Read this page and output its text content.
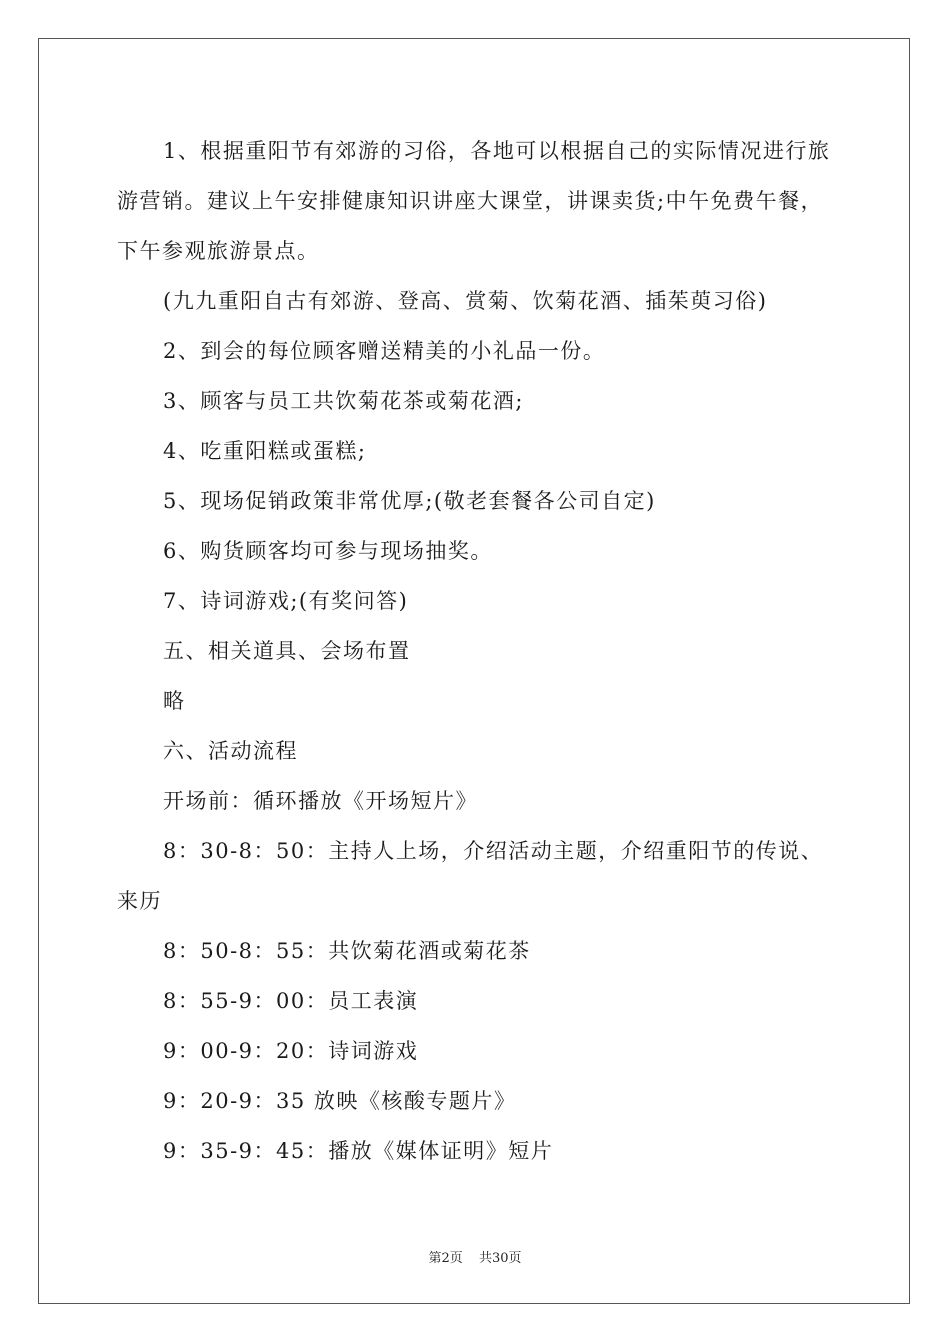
1、根据重阳节有郊游的习俗，各地可以根据自己的实际情况进行旅游营销。建议上午安排健康知识讲座大课堂，讲课卖货;中午免费午餐，下午参观旅游景点。

(九九重阳自古有郊游、登高、赏菊、饮菊花酒、插茱萸习俗)

2、到会的每位顾客赠送精美的小礼品一份。

3、顾客与员工共饮菊花茶或菊花酒;

4、吃重阳糕或蛋糕;

5、现场促销政策非常优厚;(敬老套餐各公司自定)

6、购货顾客均可参与现场抽奖。

7、诗词游戏;(有奖问答)

五、相关道具、会场布置

略

六、活动流程

开场前：循环播放《开场短片》

8：30-8：50：主持人上场，介绍活动主题，介绍重阳节的传说、来历

8：50-8：55：共饮菊花酒或菊花茶

8：55-9：00：员工表演

9：00-9：20：诗词游戏

9：20-9：35 放映《核酸专题片》

9：35-9：45：播放《媒体证明》短片

第2页 共30页
